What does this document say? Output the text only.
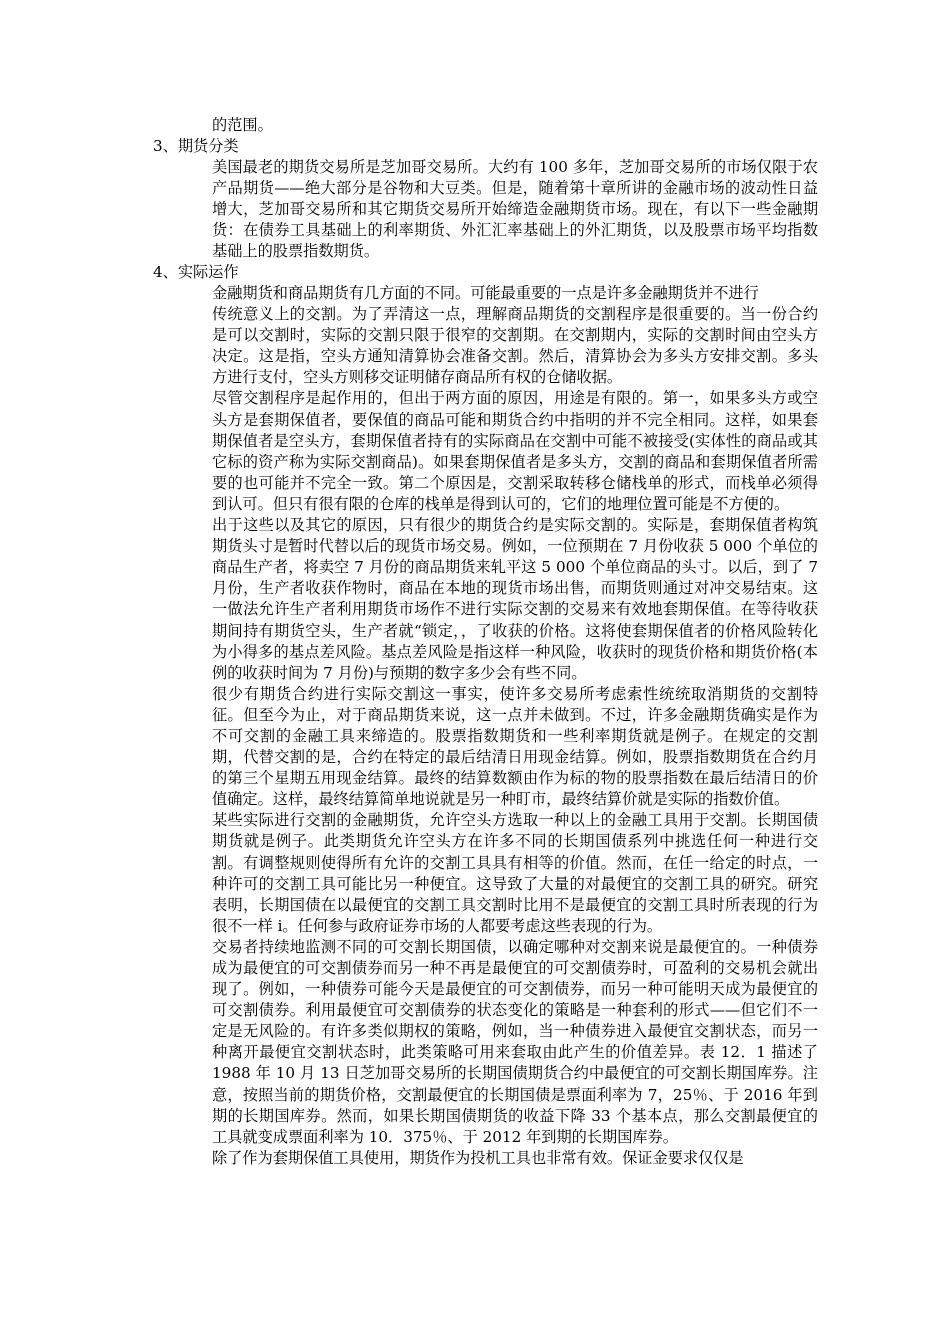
的范围。

3、期货分类

美国最老的期货交易所是芝加哥交易所。大约有 100 多年，芝加哥交易所的市场仅限于农产品期货——绝大部分是谷物和大豆类。但是，随着第十章所讲的金融市场的波动性日益增大，芝加哥交易所和其它期货交易所开始缔造金融期货市场。现在，有以下一些金融期货：在债券工具基础上的利率期货、外汇汇率基础上的外汇期货，以及股票市场平均指数基础上的股票指数期货。

4、实际运作

金融期货和商品期货有几方面的不同。可能最重要的一点是许多金融期货并不进行

传统意义上的交割。为了弄清这一点，理解商品期货的交割程序是很重要的。当一份合约是可以交割时，实际的交割只限于很窄的交割期。在交割期内，实际的交割时间由空头方决定。这是指，空头方通知清算协会准备交割。然后，清算协会为多头方安排交割。多头方进行支付，空头方则移交证明储存商品所有权的仓储收据。

尽管交割程序是起作用的，但出于两方面的原因，用途是有限的。第一，如果多头方或空头方是套期保值者，要保值的商品可能和期货合约中指明的并不完全相同。这样，如果套期保值者是空头方，套期保值者持有的实际商品在交割中可能不被接受(实体性的商品或其它标的资产称为实际交割商品)。如果套期保值者是多头方，交割的商品和套期保值者所需要的也可能并不完全一致。第二个原因是，交割采取转移仓储栈单的形式，而栈单必须得到认可。但只有很有限的仓库的栈单是得到认可的，它们的地理位置可能是不方便的。

出于这些以及其它的原因，只有很少的期货合约是实际交割的。实际是，套期保值者构筑期货头寸是暂时代替以后的现货市场交易。例如，一位预期在 7 月份收获 5 000 个单位的商品生产者，将卖空 7 月份的商品期货来轧平这 5 000 个单位商品的头寸。以后，到了 7 月份，生产者收获作物时，商品在本地的现货市场出售，而期货则通过对冲交易结束。这一做法允许生产者利用期货市场作不进行实际交割的交易来有效地套期保值。在等待收获期间持有期货空头，生产者就“锁定，，了收获的价格。这将使套期保值者的价格风险转化为小得多的基点差风险。基点差风险是指这样一种风险，收获时的现货价格和期货价格(本例的收获时间为 7 月份)与预期的数字多少会有些不同。

很少有期货合约进行实际交割这一事实，使许多交易所考虑索性统统取消期货的交割特征。但至今为止，对于商品期货来说，这一点并未做到。不过，许多金融期货确实是作为不可交割的金融工具来缔造的。股票指数期货和一些利率期货就是例子。在规定的交割期，代替交割的是，合约在特定的最后结清日用现金结算。例如，股票指数期货在合约月的第三个星期五用现金结算。最终的结算数额由作为标的物的股票指数在最后结清日的价值确定。这样，最终结算简单地说就是另一种盯市，最终结算价就是实际的指数价值。

某些实际进行交割的金融期货，允许空头方选取一种以上的金融工具用于交割。长期国债期货就是例子。此类期货允许空头方在许多不同的长期国债系列中挑选任何一种进行交割。有调整规则使得所有允许的交割工具具有相等的价值。然而，在任一给定的时点，一种许可的交割工具可能比另一种便宜。这导致了大量的对最便宜的交割工具的研究。研究表明，长期国债在以最便宜的交割工具交割时比用不是最便宜的交割工具时所表现的行为很不一样 i。任何参与政府证券市场的人都要考虑这些表现的行为。

交易者持续地监测不同的可交割长期国债，以确定哪种对交割来说是最便宜的。一种债券成为最便宜的可交割债券而另一种不再是最便宜的可交割债券时，可盈利的交易机会就出现了。例如，一种债券可能今天是最便宜的可交割债券，而另一种可能明天成为最便宜的可交割债券。利用最便宜可交割债券的状态变化的策略是一种套利的形式——但它们不一定是无风险的。有许多类似期权的策略，例如，当一种债券进入最便宜交割状态，而另一种离开最便宜交割状态时，此类策略可用来套取由此产生的价值差异。表 12．1 描述了 1988 年 10 月 13 日芝加哥交易所的长期国债期货合约中最便宜的可交割长期国库券。注意，按照当前的期货价格，交割最便宜的长期国债是票面利率为 7，25％、于 2016 年到期的长期国库券。然而，如果长期国债期货的收益下降 33 个基本点，那么交割最便宜的工具就变成票面利率为 10．375％、于 2012 年到期的长期国库券。

除了作为套期保值工具使用，期货作为投机工具也非常有效。保证金要求仅仅是
